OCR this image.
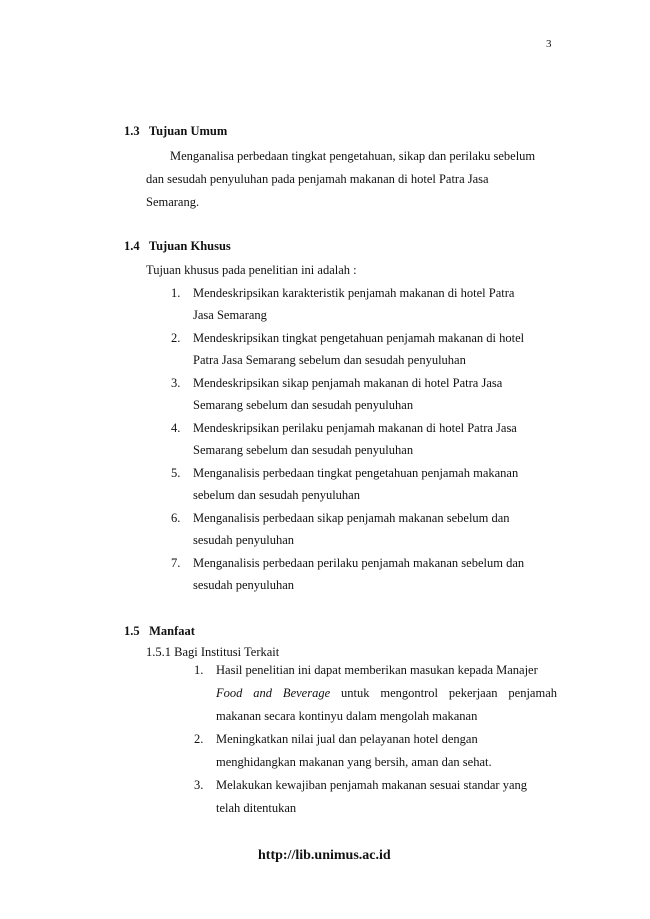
3
1.3 Tujuan Umum
Menganalisa perbedaan tingkat pengetahuan, sikap dan perilaku sebelum
dan sesudah penyuluhan pada penjamah makanan di hotel Patra Jasa
Semarang.
1.4 Tujuan Khusus
Tujuan khusus pada penelitian ini adalah :
1.	Mendeskripsikan karakteristik penjamah makanan di hotel Patra
Jasa Semarang
2.	Mendeskripsikan tingkat pengetahuan penjamah makanan di hotel
Patra Jasa Semarang sebelum dan sesudah penyuluhan
3.	Mendeskripsikan sikap penjamah makanan di hotel Patra Jasa
Semarang sebelum dan sesudah penyuluhan
4.	Mendeskripsikan perilaku penjamah makanan di hotel Patra Jasa
Semarang sebelum dan sesudah penyuluhan
5.	Menganalisis perbedaan tingkat pengetahuan penjamah makanan
sebelum dan sesudah penyuluhan
6.	Menganalisis perbedaan sikap penjamah makanan sebelum dan
sesudah penyuluhan
7.	Menganalisis perbedaan perilaku penjamah makanan sebelum dan
sesudah penyuluhan
1.5 Manfaat
1.5.1 Bagi Institusi Terkait
1.	Hasil penelitian ini dapat memberikan masukan kepada Manajer
Food and Beverage untuk mengontrol pekerjaan penjamah
makanan secara kontinyu dalam mengolah makanan
2.	Meningkatkan nilai jual dan pelayanan hotel dengan
menghidangkan makanan yang bersih, aman dan sehat.
3.	Melakukan kewajiban penjamah makanan sesuai standar yang
telah ditentukan
http://lib.unimus.ac.id
